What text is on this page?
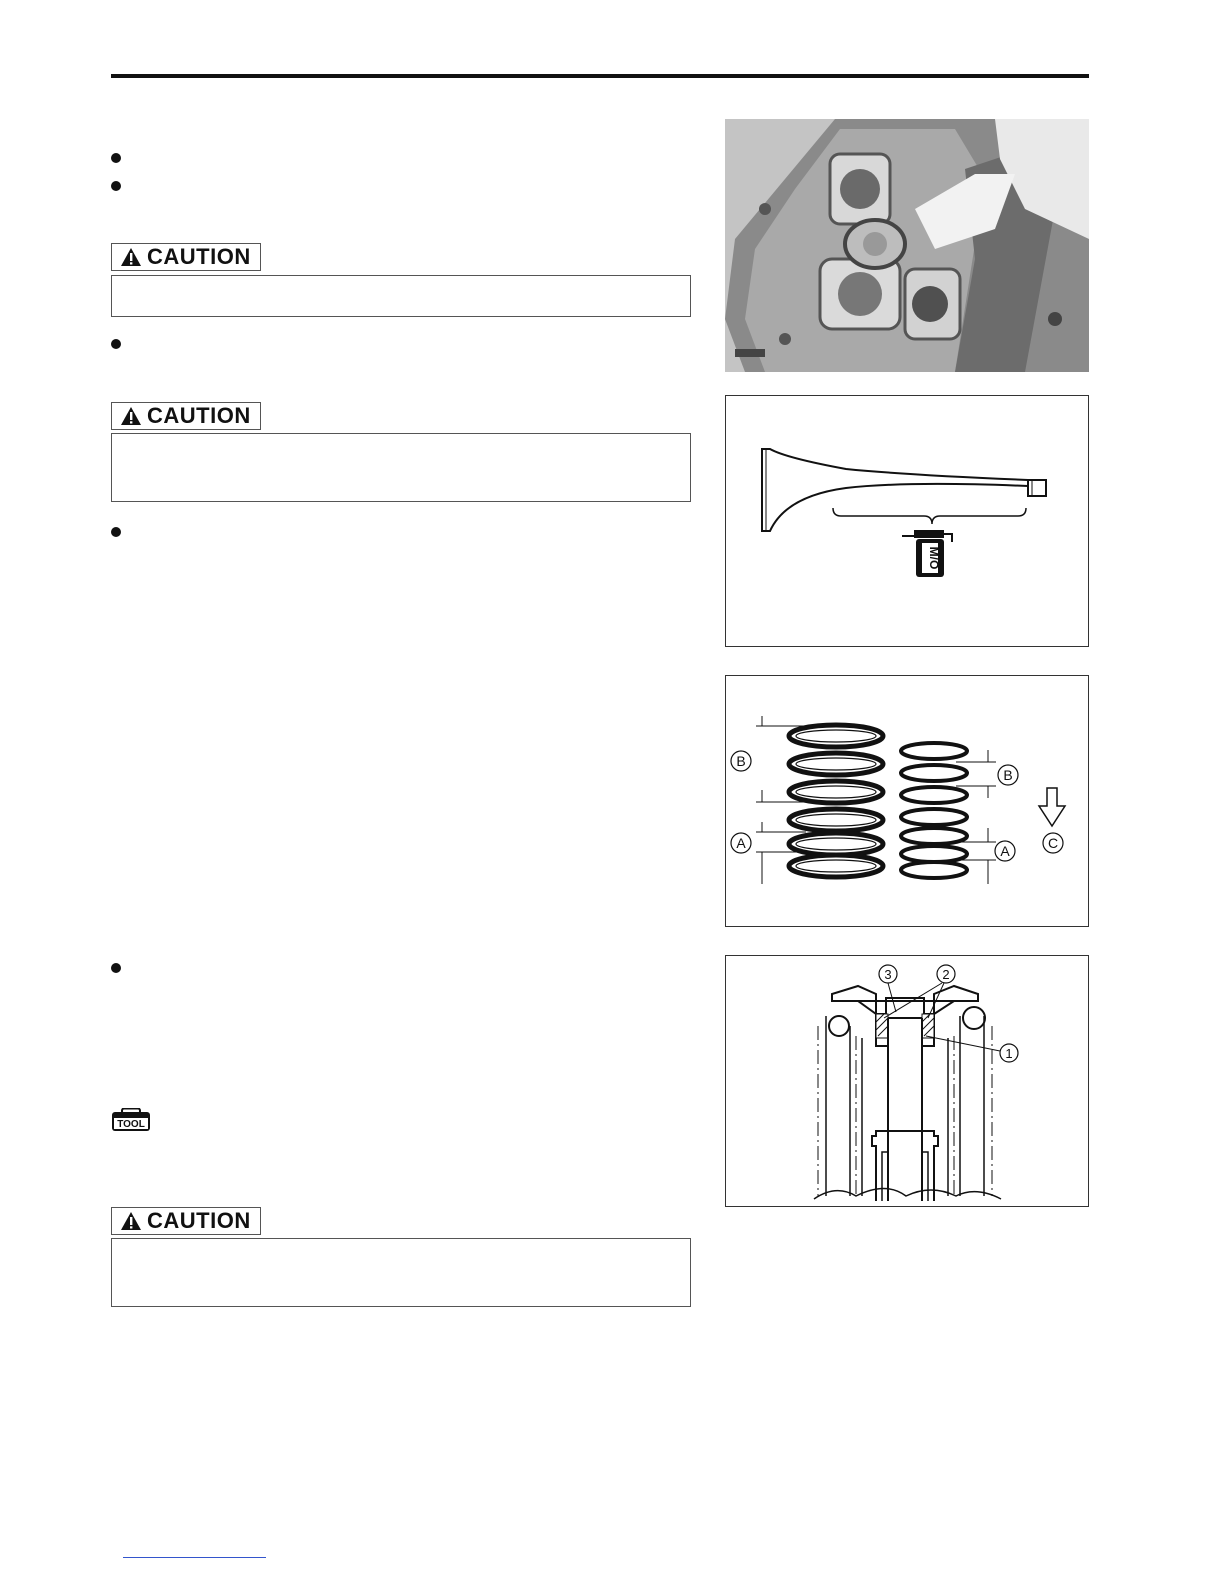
CAUTION
CAUTION
TOOL
CAUTION
M/O
B
A
B
A	C
3	2
1
